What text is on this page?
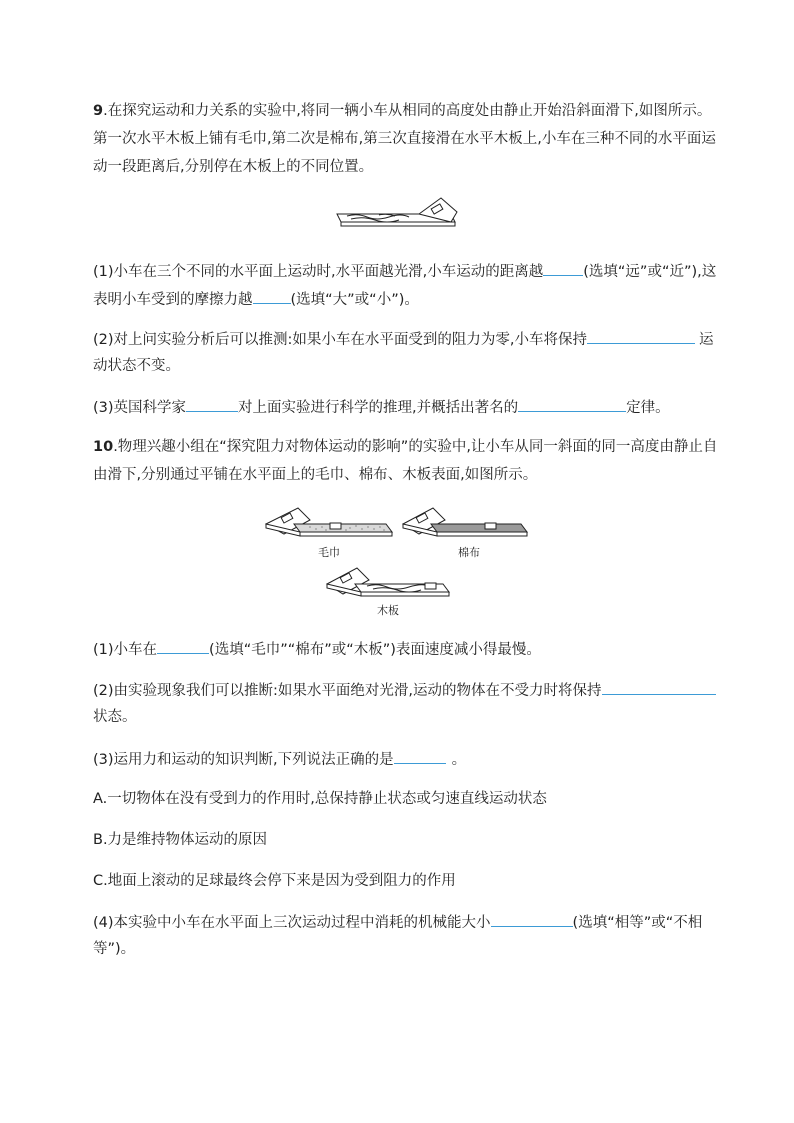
9.在探究运动和力关系的实验中,将同一辆小车从相同的高度处由静止开始沿斜面滑下,如图所示。
第一次水平木板上铺有毛巾,第二次是棉布,第三次直接滑在水平木板上,小车在三种不同的水平面运
动一段距离后,分别停在木板上的不同位置。
(1)小车在三个不同的水平面上运动时,水平面越光滑,小车运动的距离越	(选填“远”或“近”),这
表明小车受到的摩擦力越	(选填“大”或“小”)。
(2)对上问实验分析后可以推测:如果小车在水平面受到的阻力为零,小车将保持	运
动状态不变。
(3)英国科学家	对上面实验进行科学的推理,并概括出著名的	定律。
10.物理兴趣小组在“探究阻力对物体运动的影响”的实验中,让小车从同一斜面的同一高度由静止自
由滑下,分别通过平铺在水平面上的毛巾、棉布、木板表面,如图所示。
毛巾	棉布
木板
(1)小车在	(选填“毛巾”“棉布”或“木板”)表面速度减小得最慢。
(2)由实验现象我们可以推断:如果水平面绝对光滑,运动的物体在不受力时将保持
状态。
(3)运用力和运动的知识判断,下列说法正确的是	。
A.一切物体在没有受到力的作用时,总保持静止状态或匀速直线运动状态
B.力是维持物体运动的原因
C.地面上滚动的足球最终会停下来是因为受到阻力的作用
(4)本实验中小车在水平面上三次运动过程中消耗的机械能大小	(选填“相等”或“不相
等”)。
